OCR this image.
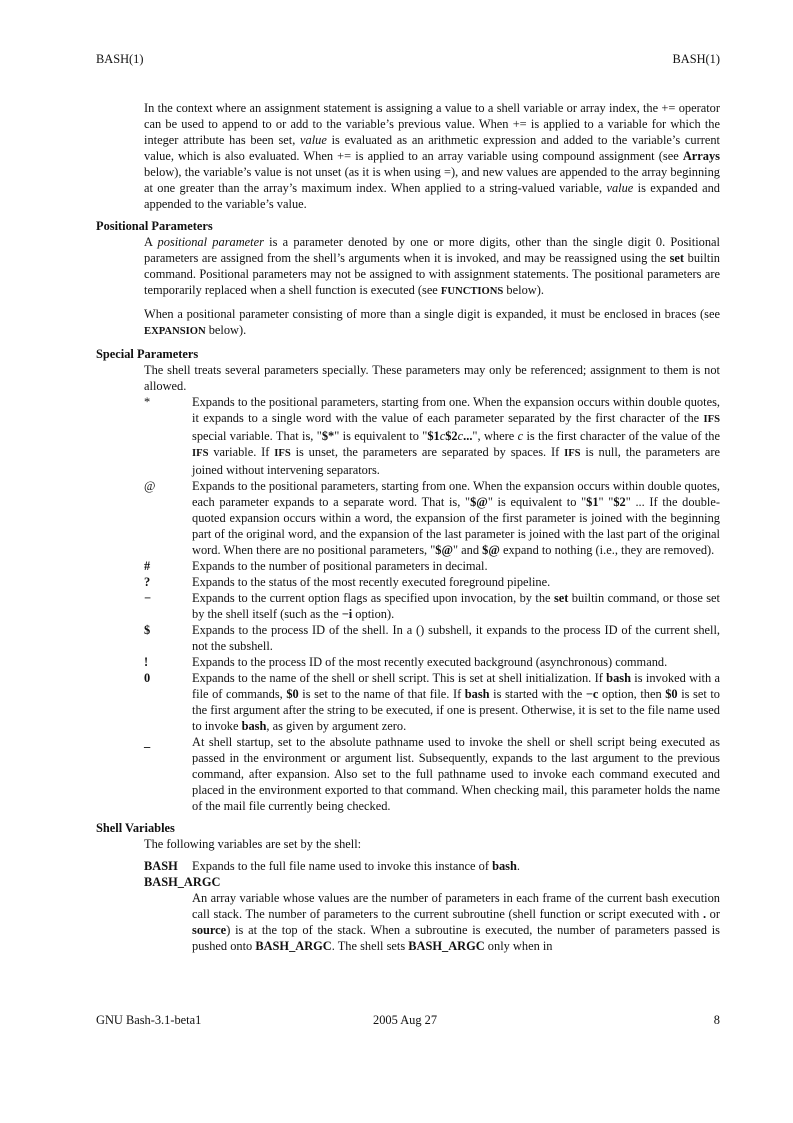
BASH(1)	BASH(1)

In the context where an assignment statement is assigning a value to a shell variable or array index, the += operator can be used to append to or add to the variable’s previous value. When += is applied to a variable for which the integer attribute has been set, value is evaluated as an arithmetic expression and added to the variable’s current value, which is also evaluated. When += is applied to an array variable using compound assignment (see Arrays below), the variable’s value is not unset (as it is when using =), and new values are appended to the array beginning at one greater than the array’s maximum index. When applied to a string-valued variable, value is expanded and appended to the variable’s value.

Positional Parameters

A positional parameter is a parameter denoted by one or more digits, other than the single digit 0. Positional parameters are assigned from the shell’s arguments when it is invoked, and may be reassigned using the set builtin command. Positional parameters may not be assigned to with assignment statements. The positional parameters are temporarily replaced when a shell function is executed (see FUNCTIONS below).

When a positional parameter consisting of more than a single digit is expanded, it must be enclosed in braces (see EXPANSION below).

Special Parameters

The shell treats several parameters specially. These parameters may only be referenced; assignment to them is not allowed.

*	Expands to the positional parameters, starting from one. When the expansion occurs within double quotes, it expands to a single word with the value of each parameter separated by the first character of the IFS special variable. That is, "$*" is equivalent to "$1c$2c...", where c is the first character of the value of the IFS variable. If IFS is unset, the parameters are separated by spaces. If IFS is null, the parameters are joined without intervening separators.
@	Expands to the positional parameters, starting from one. When the expansion occurs within double quotes, each parameter expands to a separate word. That is, "$@" is equivalent to "$1" "$2" ... If the double-quoted expansion occurs within a word, the expansion of the first parameter is joined with the beginning part of the original word, and the expansion of the last parameter is joined with the last part of the original word. When there are no positional parameters, "$@" and $@ expand to nothing (i.e., they are removed).
#	Expands to the number of positional parameters in decimal.
?	Expands to the status of the most recently executed foreground pipeline.
−	Expands to the current option flags as specified upon invocation, by the set builtin command, or those set by the shell itself (such as the −i option).
$	Expands to the process ID of the shell. In a () subshell, it expands to the process ID of the current shell, not the subshell.
!	Expands to the process ID of the most recently executed background (asynchronous) command.
0	Expands to the name of the shell or shell script. This is set at shell initialization. If bash is invoked with a file of commands, $0 is set to the name of that file. If bash is started with the −c option, then $0 is set to the first argument after the string to be executed, if one is present. Otherwise, it is set to the file name used to invoke bash, as given by argument zero.
_	At shell startup, set to the absolute pathname used to invoke the shell or shell script being executed as passed in the environment or argument list. Subsequently, expands to the last argument to the previous command, after expansion. Also set to the full pathname used to invoke each command executed and placed in the environment exported to that command. When checking mail, this parameter holds the name of the mail file currently being checked.
Shell Variables

The following variables are set by the shell:

BASH Expands to the full file name used to invoke this instance of bash.
BASH_ARGC

An array variable whose values are the number of parameters in each frame of the current bash execution call stack. The number of parameters to the current subroutine (shell function or script executed with . or source) is at the top of the stack. When a subroutine is executed, the number of parameters passed is pushed onto BASH_ARGC. The shell sets BASH_ARGC only when in

GNU Bash-3.1-beta1	2005 Aug 27	8
